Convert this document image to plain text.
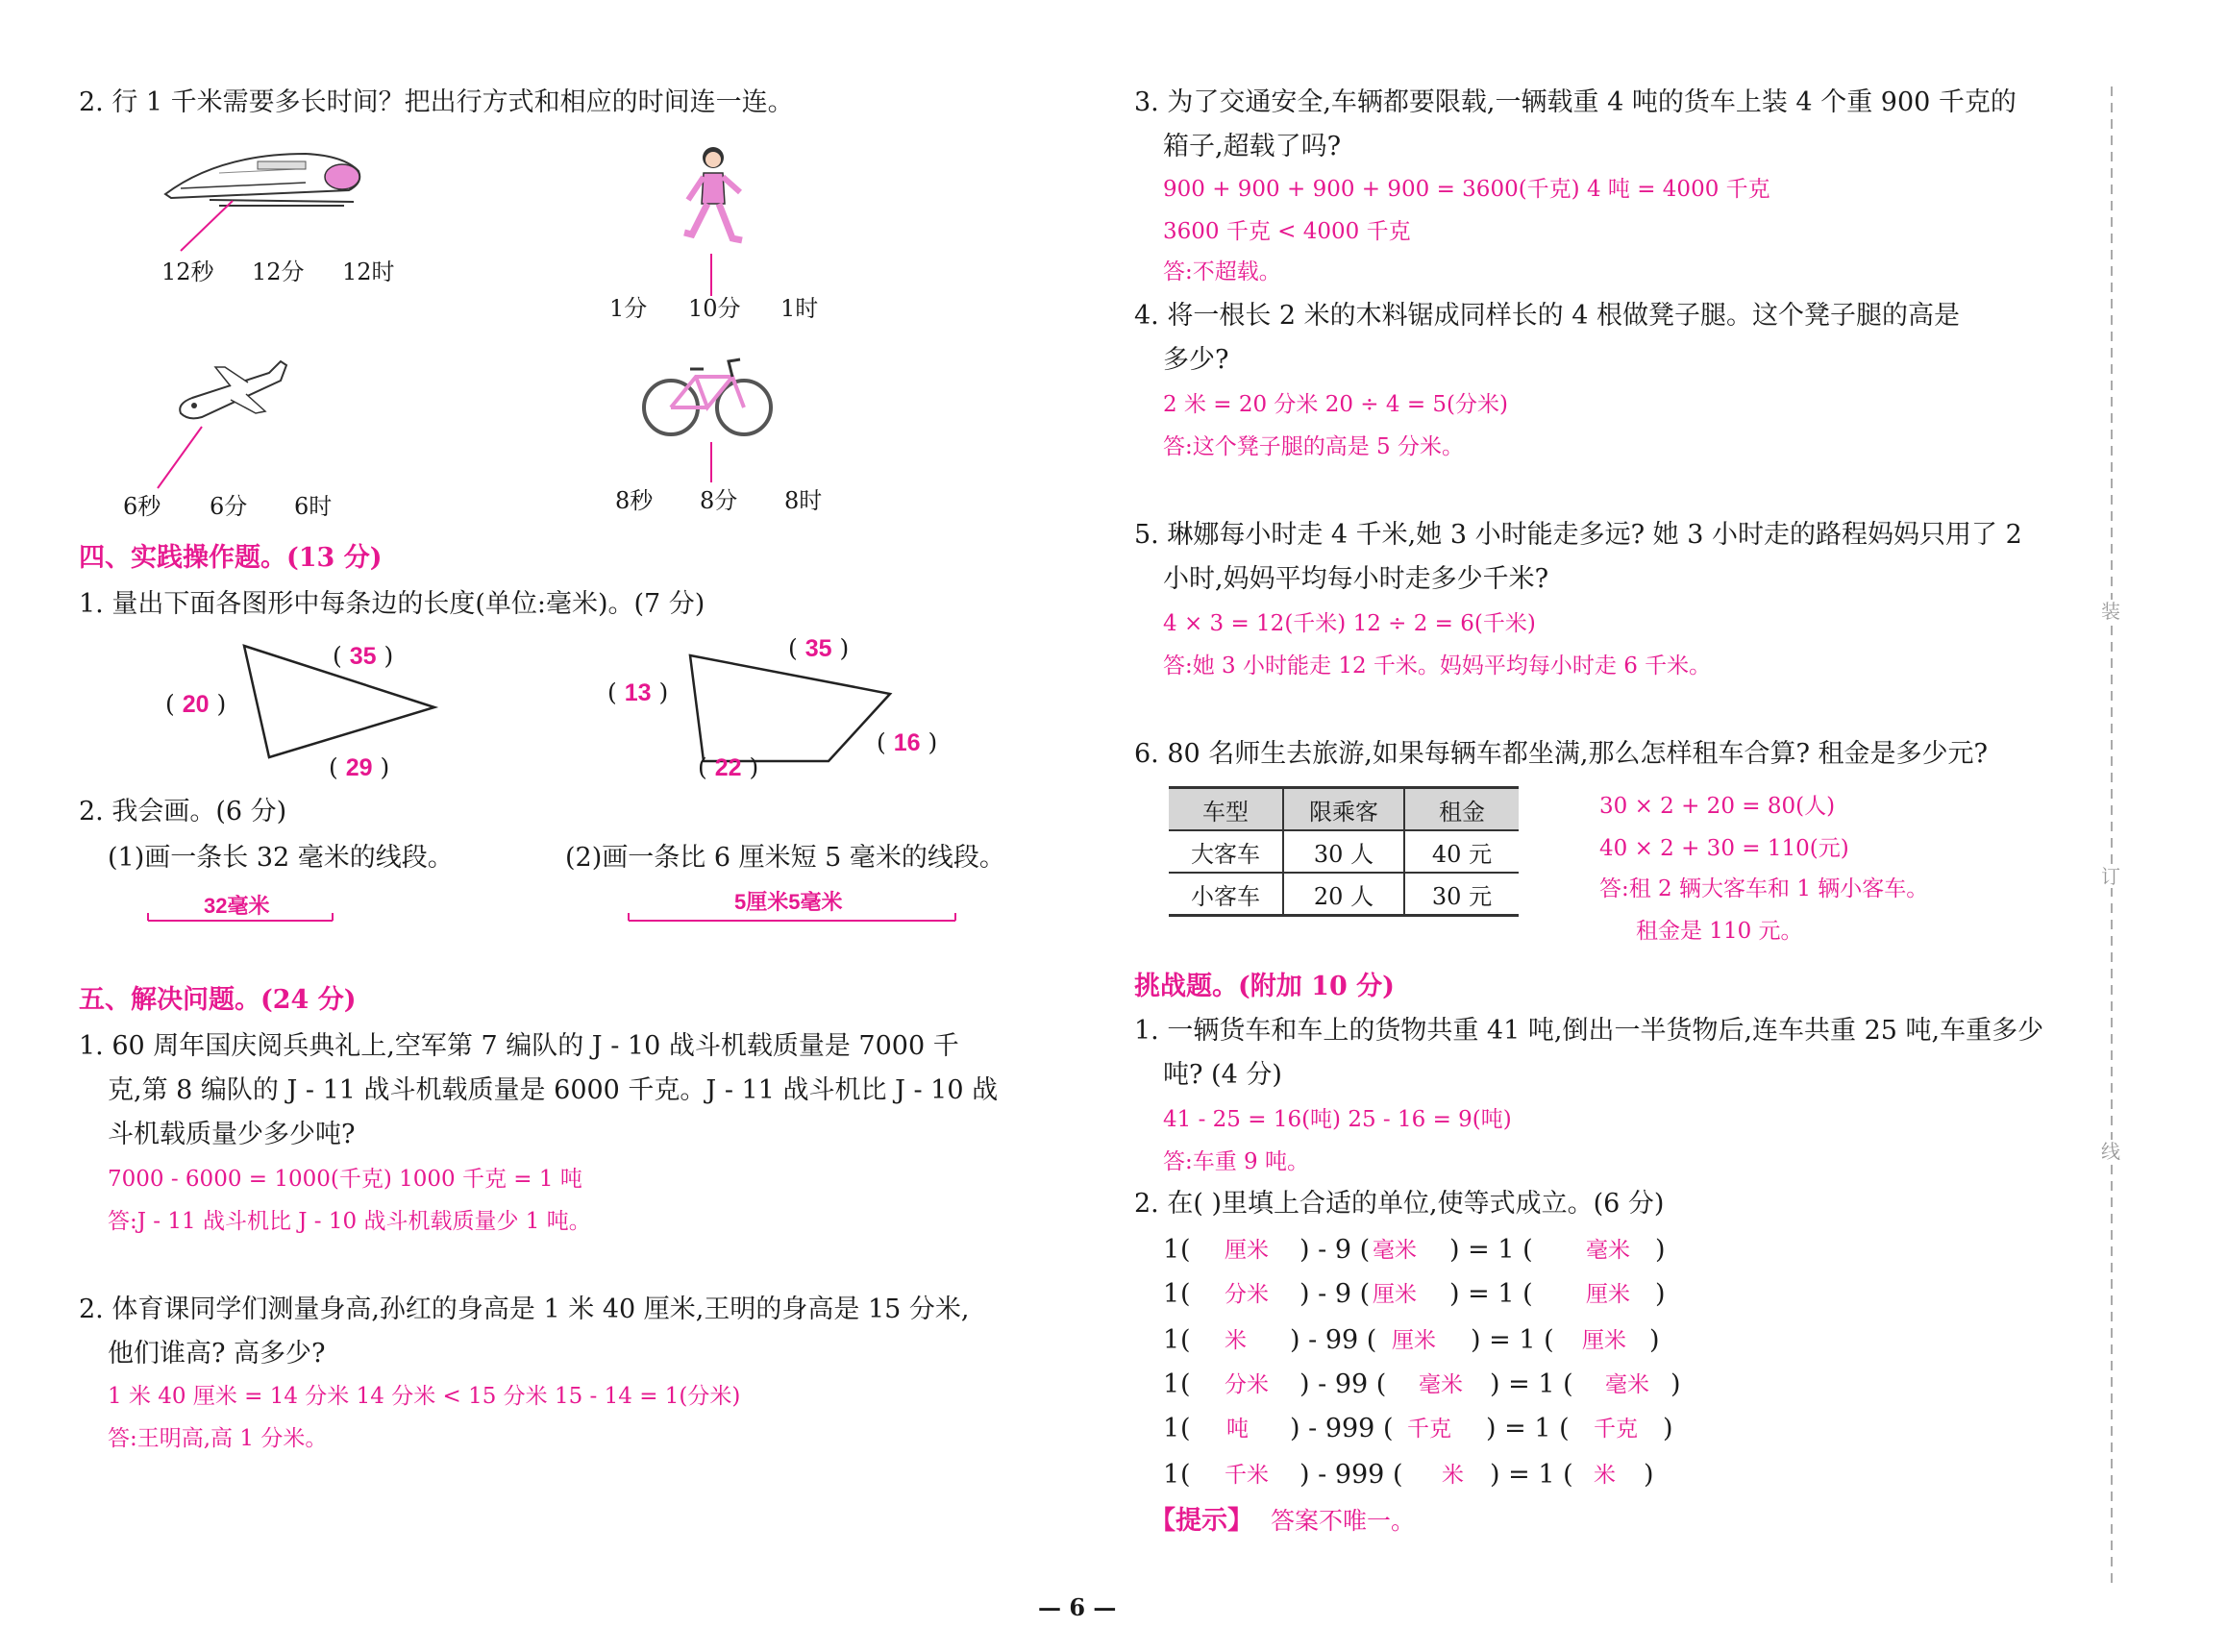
2. 行 1 千米需要多长时间？把出行方式和相应的时间连一连。
12秒 12分 12时
1分 10分 1时
6秒 6分 6时	8秒 8分 8时
四、实践操作题。(13 分)
1. 量出下面各图形中每条边的长度(单位:毫米)。(7 分)
( 35 )
( 20 )
( 29 )
( 35 )
( 13 )
( 22 )
( 16 )
2. 我会画。(6 分)
(1)画一条长 32 毫米的线段。	(2)画一条比 6 厘米短 5 毫米的线段。
32毫米	5厘米5毫米
五、解决问题。(24 分)
1. 60 周年国庆阅兵典礼上,空军第 7 编队的 J - 10 战斗机载质量是 7000 千
克,第 8 编队的 J - 11 战斗机载质量是 6000 千克。J - 11 战斗机比 J - 10 战
斗机载质量少多少吨?
7000 - 6000 = 1000(千克) 1000 千克 = 1 吨
答:J - 11 战斗机比 J - 10 战斗机载质量少 1 吨。
2. 体育课同学们测量身高,孙红的身高是 1 米 40 厘米,王明的身高是 15 分米,
他们谁高? 高多少?
1 米 40 厘米 = 14 分米 14 分米 < 15 分米 15 - 14 = 1(分米)
答:王明高,高 1 分米。
3. 为了交通安全,车辆都要限载,一辆载重 4 吨的货车上装 4 个重 900 千克的
箱子,超载了吗?
900 + 900 + 900 + 900 = 3600(千克) 4 吨 = 4000 千克
3600 千克 < 4000 千克
答:不超载。
4. 将一根长 2 米的木料锯成同样长的 4 根做凳子腿。这个凳子腿的高是
多少?
2 米 = 20 分米 20 ÷ 4 = 5(分米)
答:这个凳子腿的高是 5 分米。
5. 琳娜每小时走 4 千米,她 3 小时能走多远? 她 3 小时走的路程妈妈只用了 2
小时,妈妈平均每小时走多少千米?
4 × 3 = 12(千米) 12 ÷ 2 = 6(千米)
答:她 3 小时能走 12 千米。妈妈平均每小时走 6 千米。
6. 80 名师生去旅游,如果每辆车都坐满,那么怎样租车合算? 租金是多少元?
车型	限乘客	租金
大客车	30 人	40 元
小客车	20 人	30 元
30 × 2 + 20 = 80(人)
40 × 2 + 30 = 110(元)
答:租 2 辆大客车和 1 辆小客车。
租金是 110 元。
挑战题。(附加 10 分)
1. 一辆货车和车上的货物共重 41 吨,倒出一半货物后,连车共重 25 吨,车重多少
吨? (4 分)
41 - 25 = 16(吨) 25 - 16 = 9(吨)
答:车重 9 吨。
2. 在( )里填上合适的单位,使等式成立。(6 分)
1 ( 厘米 ) - 9 ( 毫米 ) = 1 ( 毫米 )
1 ( 分米 ) - 9 ( 厘米 ) = 1 ( 厘米 )
1 ( 米 ) - 99 ( 厘米 ) = 1 ( 厘米 )
1 ( 分米 ) - 99 ( 毫米 ) = 1 ( 毫米 )
1 ( 吨 ) - 999 ( 千克 ) = 1 ( 千克 )
1 ( 千米 ) - 999 ( 米 ) = 1 ( 米 )
【提示】 答案不唯一。
装
订
线
— 6 —
